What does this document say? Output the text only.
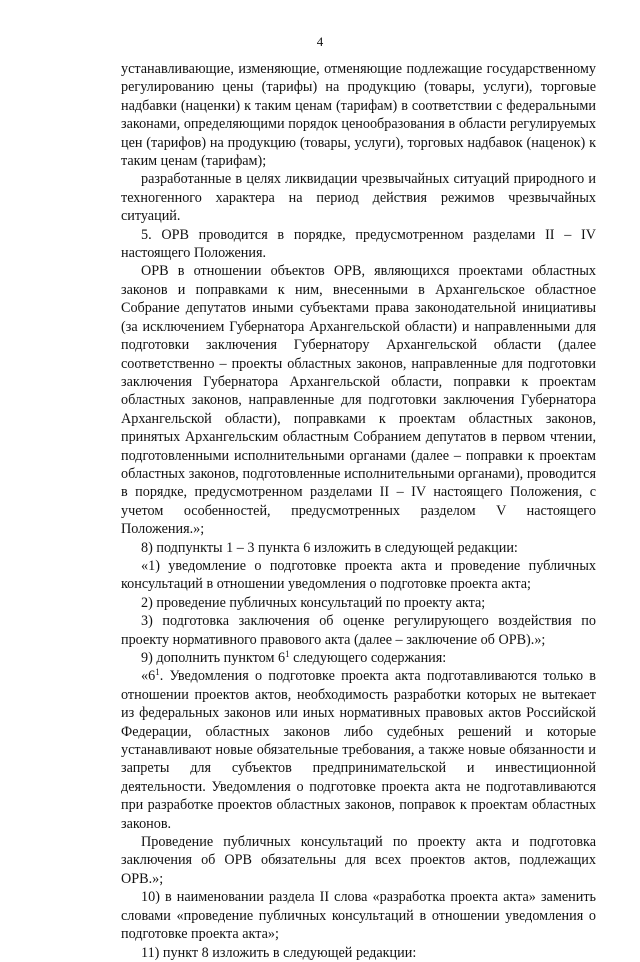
4

устанавливающие, изменяющие, отменяющие подлежащие государственному регулированию цены (тарифы) на продукцию (товары, услуги), торговые надбавки (наценки) к таким ценам (тарифам) в соответствии с федеральными законами, определяющими порядок ценообразования в области регулируемых цен (тарифов) на продукцию (товары, услуги), торговых надбавок (наценок) к таким ценам (тарифам);

разработанные в целях ликвидации чрезвычайных ситуаций природного и техногенного характера на период действия режимов чрезвычайных ситуаций.

5. ОРВ проводится в порядке, предусмотренном разделами II – IV настоящего Положения.

ОРВ в отношении объектов ОРВ, являющихся проектами областных законов и поправками к ним, внесенными в Архангельское областное Собрание депутатов иными субъектами права законодательной инициативы (за исключением Губернатора Архангельской области) и направленными для подготовки заключения Губернатору Архангельской области (далее соответственно – проекты областных законов, направленные для подготовки заключения Губернатора Архангельской области, поправки к проектам областных законов, направленные для подготовки заключения Губернатора Архангельской области), поправками к проектам областных законов, принятых Архангельским областным Собранием депутатов в первом чтении, подготовленными исполнительными органами (далее – поправки к проектам областных законов, подготовленные исполнительными органами), проводится в порядке, предусмотренном разделами II – IV настоящего Положения, с учетом особенностей, предусмотренных разделом V настоящего Положения.»;

8) подпункты 1 – 3 пункта 6 изложить в следующей редакции:

«1) уведомление о подготовке проекта акта и проведение публичных консультаций в отношении уведомления о подготовке проекта акта;

2) проведение публичных консультаций по проекту акта;

3) подготовка заключения об оценке регулирующего воздействия по проекту нормативного правового акта (далее – заключение об ОРВ).»;

9) дополнить пунктом $6^1$ следующего содержания:

«$6^1$. Уведомления о подготовке проекта акта подготавливаются только в отношении проектов актов, необходимость разработки которых не вытекает из федеральных законов или иных нормативных правовых актов Российской Федерации, областных законов либо судебных решений и которые устанавливают новые обязательные требования, а также новые обязанности и запреты для субъектов предпринимательской и инвестиционной деятельности. Уведомления о подготовке проекта акта не подготавливаются при разработке проектов областных законов, поправок к проектам областных законов.

Проведение публичных консультаций по проекту акта и подготовка заключения об ОРВ обязательны для всех проектов актов, подлежащих ОРВ.»;

10) в наименовании раздела II слова «разработка проекта акта» заменить словами «проведение публичных консультаций в отношении уведомления о подготовке проекта акта»;

11) пункт 8 изложить в следующей редакции:
